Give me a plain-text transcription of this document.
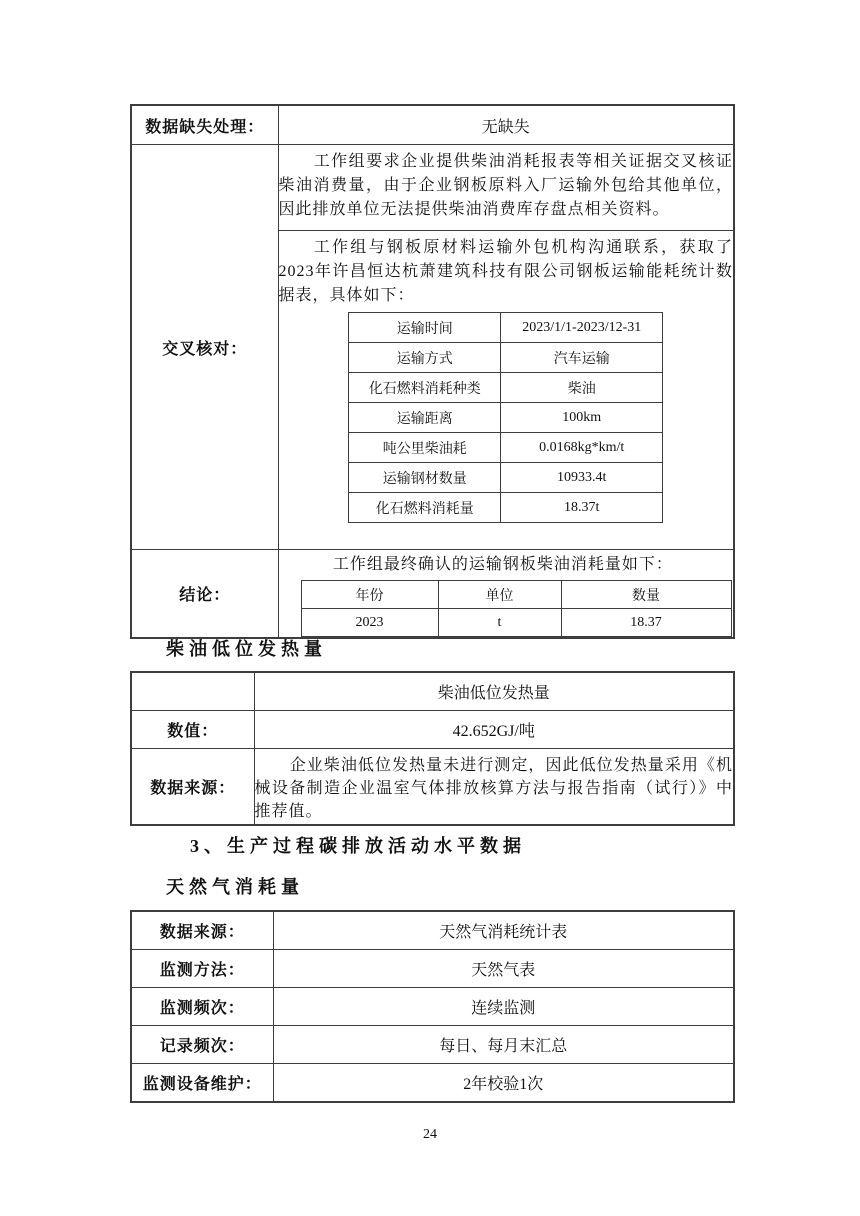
数据缺失处理：	无缺失
交叉核对：	

工作组要求企业提供柴油消耗报表等相关证据交叉核证柴油消费量，由于企业钢板原料入厂运输外包给其他单位，因此排放单位无法提供柴油消费库存盘点相关资料。

工作组与钢板原材料运输外包机构沟通联系，获取了2023年许昌恒达杭萧建筑科技有限公司钢板运输能耗统计数据表，具体如下：

运输时间	2023/1/1-2023/12-31
运输方式	汽车运输
化石燃料消耗种类	柴油
运输距离	100km
吨公里柴油耗	0.0168kg*km/t
运输钢材数量	10933.4t
化石燃料消耗量	18.37t

结论：	

工作组最终确认的运输钢板柴油消耗量如下：

年份	单位	数量
2023	t	18.37
柴油低位发热量
	柴油低位发热量
数值：	42.652GJ/吨
数据来源：	企业柴油低位发热量未进行测定，因此低位发热量采用《机械设备制造企业温室气体排放核算方法与报告指南（试行）》中推荐值。

3、生产过程碳排放活动水平数据
天然气消耗量
数据来源：	天然气消耗统计表
监测方法：	天然气表
监测频次：	连续监测
记录频次：	每日、每月末汇总
监测设备维护：	2年校验1次
24
